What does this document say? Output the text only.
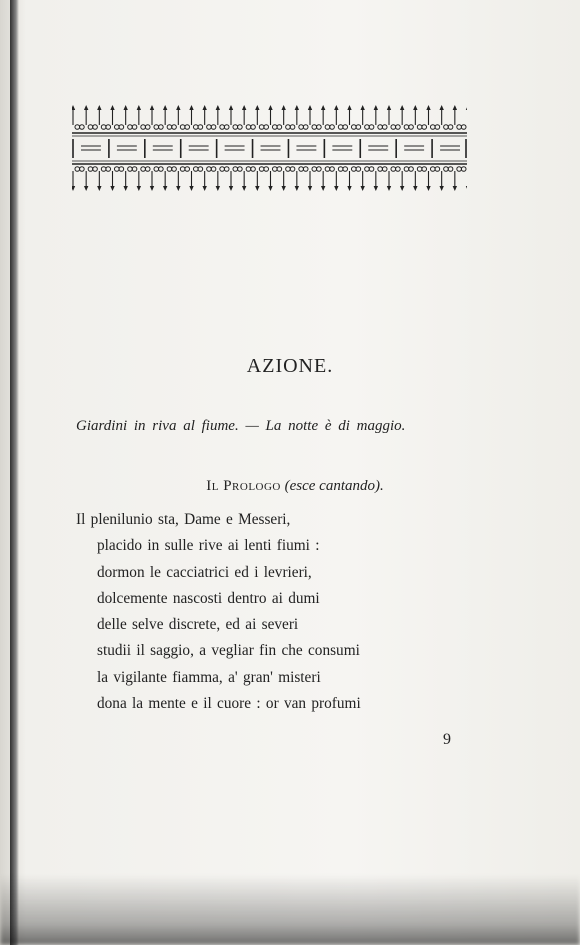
AZIONE.
Giardini in riva al fiume. — La notte è di maggio.
Il Prologo (esce cantando).
Il plenilunio sta, Dame e Messeri,
placido in sulle rive ai lenti fiumi :
dormon le cacciatrici ed i levrieri,
dolcemente nascosti dentro ai dumi
delle selve discrete, ed ai severi
studii il saggio, a vegliar fin che consumi
la vigilante fiamma, a' gran' misteri
dona la mente e il cuore : or van profumi
9
